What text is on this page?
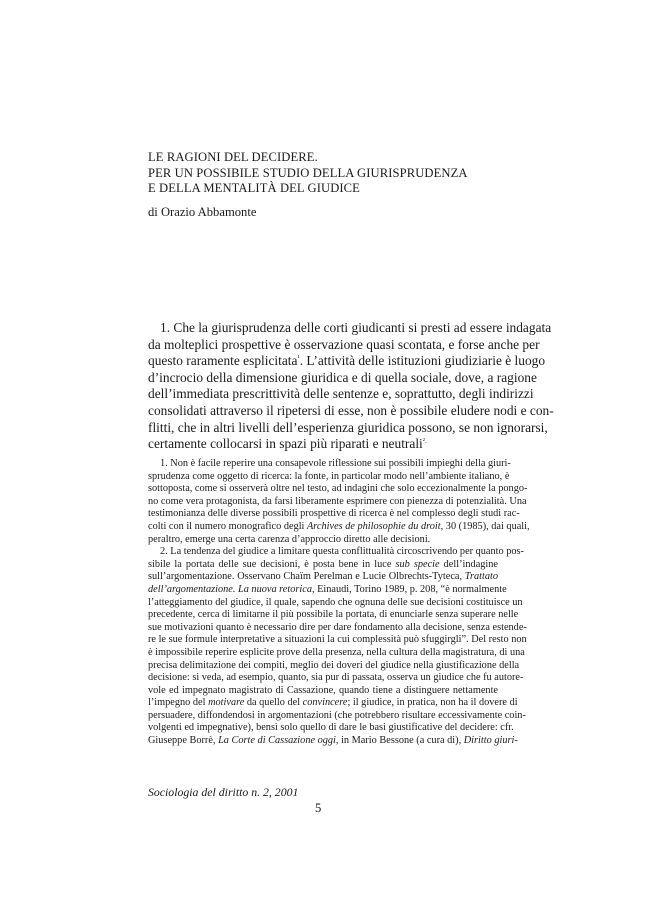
LE RAGIONI DEL DECIDERE.
PER UN POSSIBILE STUDIO DELLA GIURISPRUDENZA
E DELLA MENTALITÀ DEL GIUDICE
di Orazio Abbamonte
1. Che la giurisprudenza delle corti giudicanti si presti ad essere indagata
da molteplici prospettive è osservazione quasi scontata, e forse anche per
questo raramente esplicitata$^{^1}$. L’attività delle istituzioni giudiziarie è luogo
d’incrocio della dimensione giuridica e di quella sociale, dove, a ragione
dell’immediata prescrittività delle sentenze e, soprattutto, degli indirizzi
consolidati attraverso il ripetersi di esse, non è possibile eludere nodi e con-
flitti, che in altri livelli dell’esperienza giuridica possono, se non ignorarsi,
certamente collocarsi in spazi più riparati e neutrali$^{^2.}$
1. Non è facile reperire una consapevole riflessione sui possibili impieghi della giuri-
sprudenza come oggetto di ricerca: la fonte, in particolar modo nell’ambiente italiano, è
sottoposta, come si osserverà oltre nel testo, ad indagini che solo eccezionalmente la pongo-
no come vera protagonista, da farsi liberamente esprimere con pienezza di potenzialità. Una
testimonianza delle diverse possibili prospettive di ricerca è nel complesso degli studi rac-
colti con il numero monografico degli Archives de philosophie du droit, 30 (1985), dai quali,
peraltro, emerge una certa carenza d’approccio diretto alle decisioni.
2. La tendenza del giudice a limitare questa conflittualità circoscrivendo per quanto pos-
sibile la portata delle sue decisioni, è posta bene in luce sub specie dell’indagine
sull’argomentazione. Osservano Chaïm Perelman e Lucie Olbrechts-Tyteca, Trattato
dell’argomentazione. La nuova retorica, Einaudi, Torino 1989, p. 208, “è normalmente
l’atteggiamento del giudice, il quale, sapendo che ognuna delle sue decisioni costituisce un
precedente, cerca di limitarne il più possibile la portata, di enunciarle senza superare nelle
sue motivazioni quanto è necessario dire per dare fondamento alla decisione, senza estende-
re le sue formule interpretative a situazioni la cui complessità può sfuggirgli”. Del resto non
è impossibile reperire esplicite prove della presenza, nella cultura della magistratura, di una
precisa delimitazione dei compiti, meglio dei doveri del giudice nella giustificazione della
decisione: si veda, ad esempio, quanto, sia pur di passata, osserva un giudice che fu autore-
vole ed impegnato magistrato di Cassazione, quando tiene a distinguere nettamente
l’impegno del motivare da quello del convincere; il giudice, in pratica, non ha il dovere di
persuadere, diffondendosi in argomentazioni (che potrebbero risultare eccessivamente coin-
volgenti ed impegnative), bensì solo quello di dare le basi giustificative del decidere: cfr.
Giuseppe Borrè, La Corte di Cassazione oggi, in Mario Bessone (a cura di), Diritto giuri-
Sociologia del diritto n. 2, 2001
5
